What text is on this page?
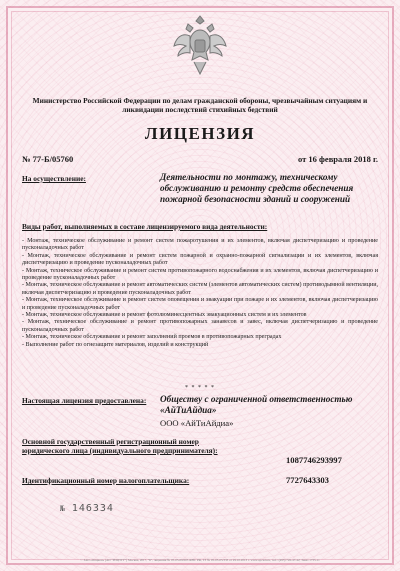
Министерство Российской Федерации по делам гражданской обороны, чрезвычайным ситуациям и ликвидации последствий стихийных бедствий
ЛИЦЕНЗИЯ
№ 77-Б/05760	от 16 февраля 2018 г.
На осуществление:	Деятельности по монтажу, техническому обслуживанию и ремонту средств обеспечения пожарной безопасности зданий и сооружений
Виды работ, выполняемых в составе лицензируемого вида деятельности:
- Монтаж, техническое обслуживание и ремонт систем пожаротушения и их элементов, включая диспетчеризацию и проведение пусконаладочных работ
- Монтаж, техническое обслуживание и ремонт систем пожарной и охранно-пожарной сигнализации и их элементов, включая диспетчеризацию и проведение пусконаладочных работ
- Монтаж, техническое обслуживание и ремонт систем противопожарного водоснабжения и их элементов, включая диспетчеризацию и проведение пусконаладочных работ
- Монтаж, техническое обслуживание и ремонт автоматических систем (элементов автоматических систем) противодымной вентиляции, включая диспетчеризацию и проведение пусконаладочных работ
- Монтаж, техническое обслуживание и ремонт систем оповещения и эвакуации при пожаре и их элементов, включая диспетчеризацию и проведение пусконаладочных работ
- Монтаж, техническое обслуживание и ремонт фотолюминесцентных эвакуационных систем и их элементов
- Монтаж, техническое обслуживание и ремонт противопожарных занавесов и завес, включая диспетчеризацию и проведение пусконаладочных работ
- Монтаж, техническое обслуживание и ремонт заполнений проемов в противопожарных преградах
- Выполнение работ по огнезащите материалов, изделий и конструкций
* * * * *
Настоящая лицензия предоставлена: Обществу с ограниченной ответственностью «АйТиАйдиа»
ООО «АйТиАйдиа»
Основной государственный регистрационный номер юридического лица (индивидуального предпринимателя):
1087746293997
Идентификационный номер налогоплательщика:	7727643303
№ 146334
© ЗАО «Опцион» (АО "РИЦЗТУ") Москва, 2017, "Б", лицензия № 05-05-09/003 ФНС РФ, ТЗ № 05-05-05/333 от 29.10.2013 г. www.opcion.ru, тел.: (495) 726-47-42; Заказ 1735-11
